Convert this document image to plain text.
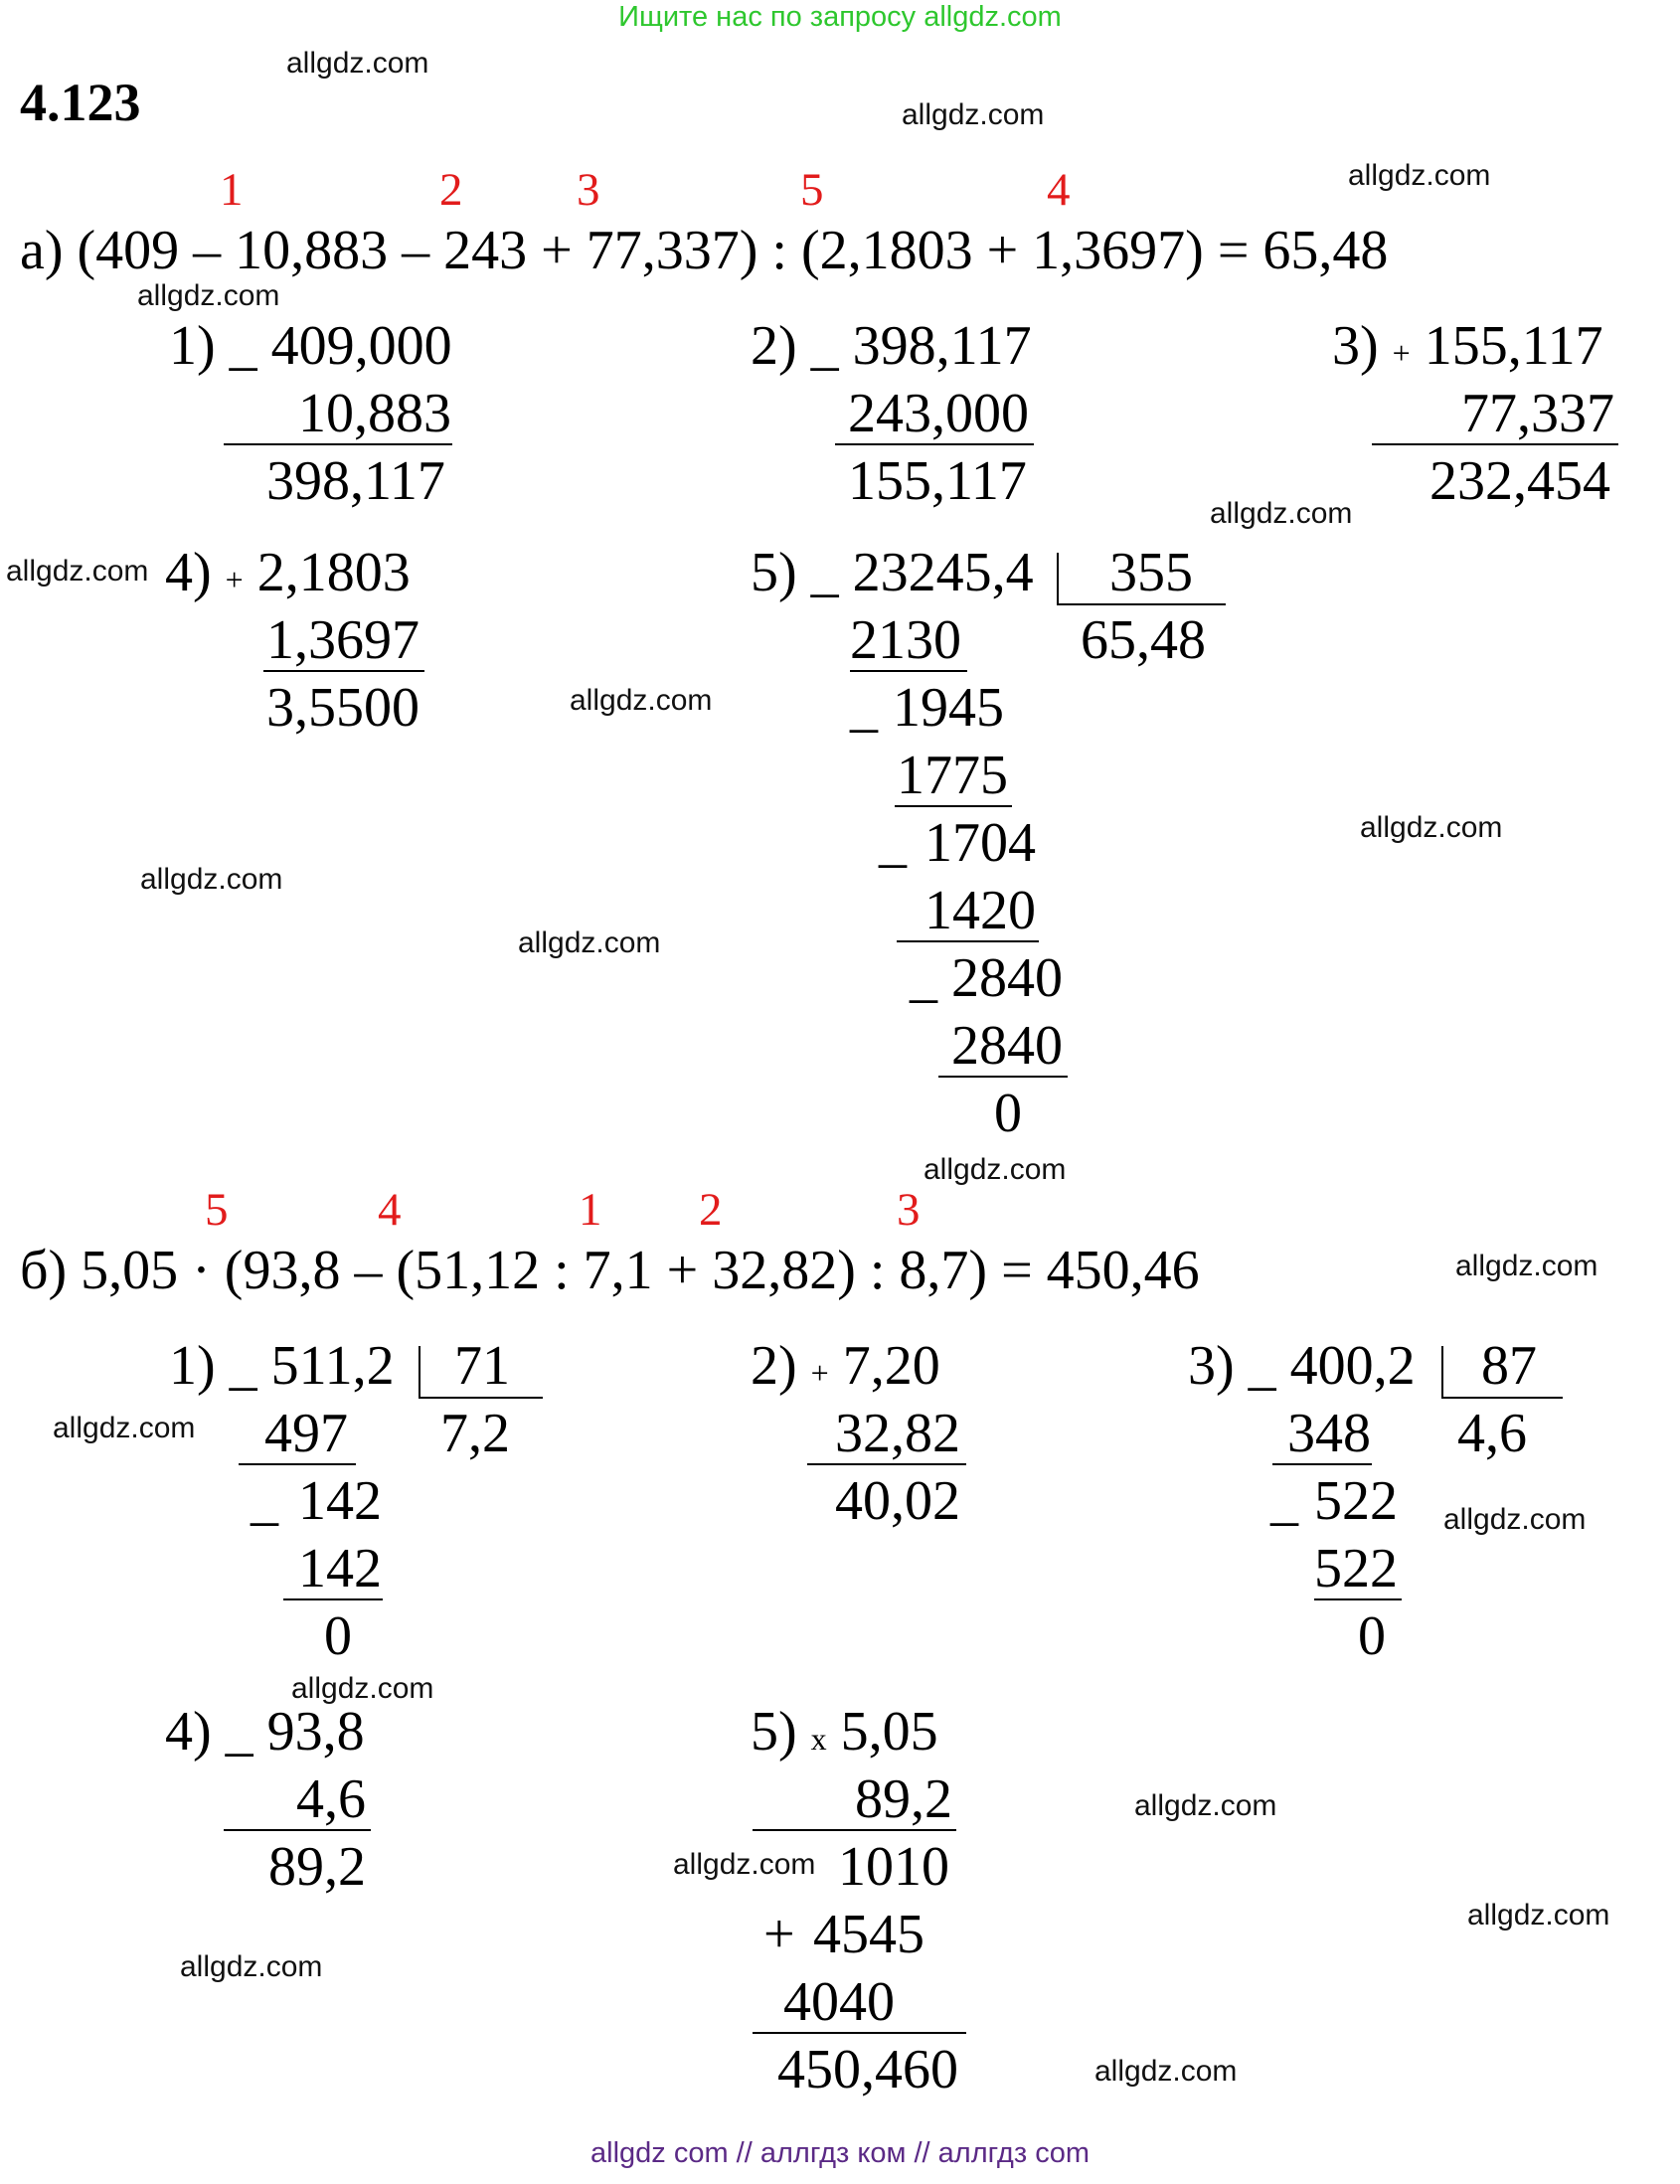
Ищите нас по запросу allgdz.com
4.123
allgdz.com
allgdz.com
allgdz.com
allgdz.com
allgdz.com
allgdz.com
allgdz.com
allgdz.com
allgdz.com
allgdz.com
allgdz.com
allgdz.com
allgdz.com
allgdz.com
allgdz.com
allgdz.com
allgdz.com
allgdz.com
allgdz.com
allgdz.com
1	2 3	5	4
а) (409 – 10,883 – 243 + 77,337) : (2,1803 + 1,3697) = 65,48
1) _ 409,000
10,883
398,117
2) _ 398,117
243,000
155,117
3) + 155,117
77,337
232,454
4) + 2,1803
1,3697
3,5500
5) _ 23245,4 355
65,48
2130
_ 1945
1775
_ 1704
1420
_ 2840
2840
0
5	4	1 2	3
б) 5,05 · (93,8 – (51,12 : 7,1 + 32,82) : 8,7) = 450,46
1) _ 511,2 71
7,2
497
_ 142
142
0
2) + 7,20
32,82
40,02
3) _ 400,2 87
4,6
348
_ 522
522
0
4) _ 93,8
4,6
89,2
5) x 5,05
89,2
1010
+ 4545
4040
450,460
allgdz com // аллгдз ком // аллгдз com
